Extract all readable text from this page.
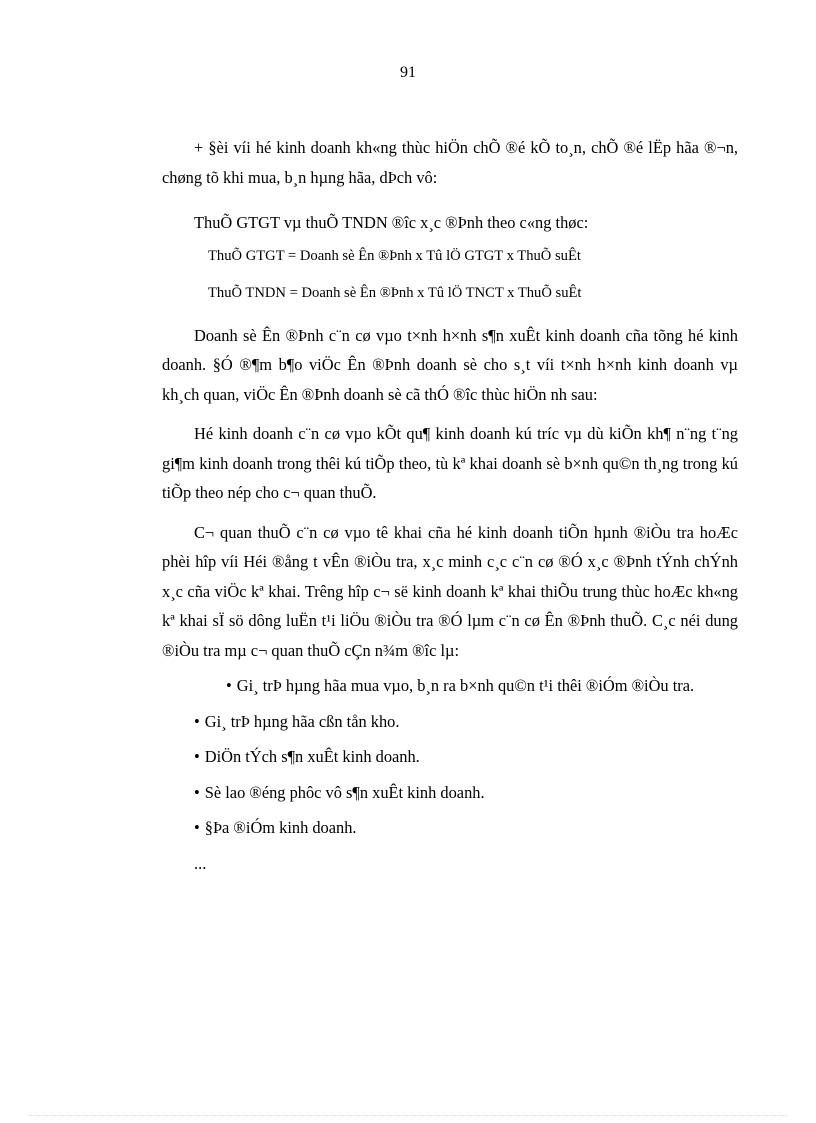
91

+ §èi víi hé kinh doanh kh«ng thùc hiÖn chÕ ®é kÕ to¸n, chÕ ®é lËp hãa ®¬n, chøng tõ khi mua, b¸n hµng hãa, dÞch vô:

ThuÕ GTGT vµ thuÕ TNDN ®îc x¸c ®Þnh theo c«ng thøc:

ThuÕ GTGT = Doanh sè Ên ®Þnh x Tû lÖ GTGT x ThuÕ suÊt
ThuÕ TNDN = Doanh sè Ên ®Þnh x Tû lÖ TNCT x ThuÕ suÊt

Doanh sè Ên ®Þnh c¨n cø vµo t×nh h×nh s¶n xuÊt kinh doanh cña tõng hé kinh doanh. §Ó ®¶m b¶o viÖc Ên ®Þnh doanh sè cho s¸t víi t×nh h×nh kinh doanh vµ kh¸ch quan, viÖc Ên ®Þnh doanh sè cã thÓ ®îc thùc hiÖn nh sau:

Hé kinh doanh c¨n cø vµo kÕt qu¶ kinh doanh kú tríc vµ dù kiÕn kh¶ n¨ng t¨ng gi¶m kinh doanh trong thêi kú tiÕp theo, tù kª khai doanh sè b×nh qu©n th¸ng trong kú tiÕp theo nép cho c¬ quan thuÕ.

C¬ quan thuÕ c¨n cø vµo tê khai cña hé kinh doanh tiÕn hµnh ®iÒu tra hoÆc phèi hîp víi Héi ®ång t vÊn ®iÒu tra, x¸c minh c¸c c¨n cø ®Ó x¸c ®Þnh tÝnh chÝnh x¸c cña viÖc kª khai. Trêng hîp c¬ së kinh doanh kª khai thiÕu trung thùc hoÆc kh«ng kª khai sÏ sö dông luËn t¹i liÖu ®iÒu tra ®Ó lµm c¨n cø Ên ®Þnh thuÕ. C¸c néi dung ®iÒu tra mµ c¬ quan thuÕ cÇn n¾m ®îc lµ:

• Gi¸ trÞ hµng hãa mua vµo, b¸n ra b×nh qu©n t¹i thêi ®iÓm ®iÒu tra.
• Gi¸ trÞ hµng hãa cßn tån kho.
• DiÖn tÝch s¶n xuÊt kinh doanh.
• Sè lao ®éng phôc vô s¶n xuÊt kinh doanh.
• §Þa ®iÓm kinh doanh.
...
